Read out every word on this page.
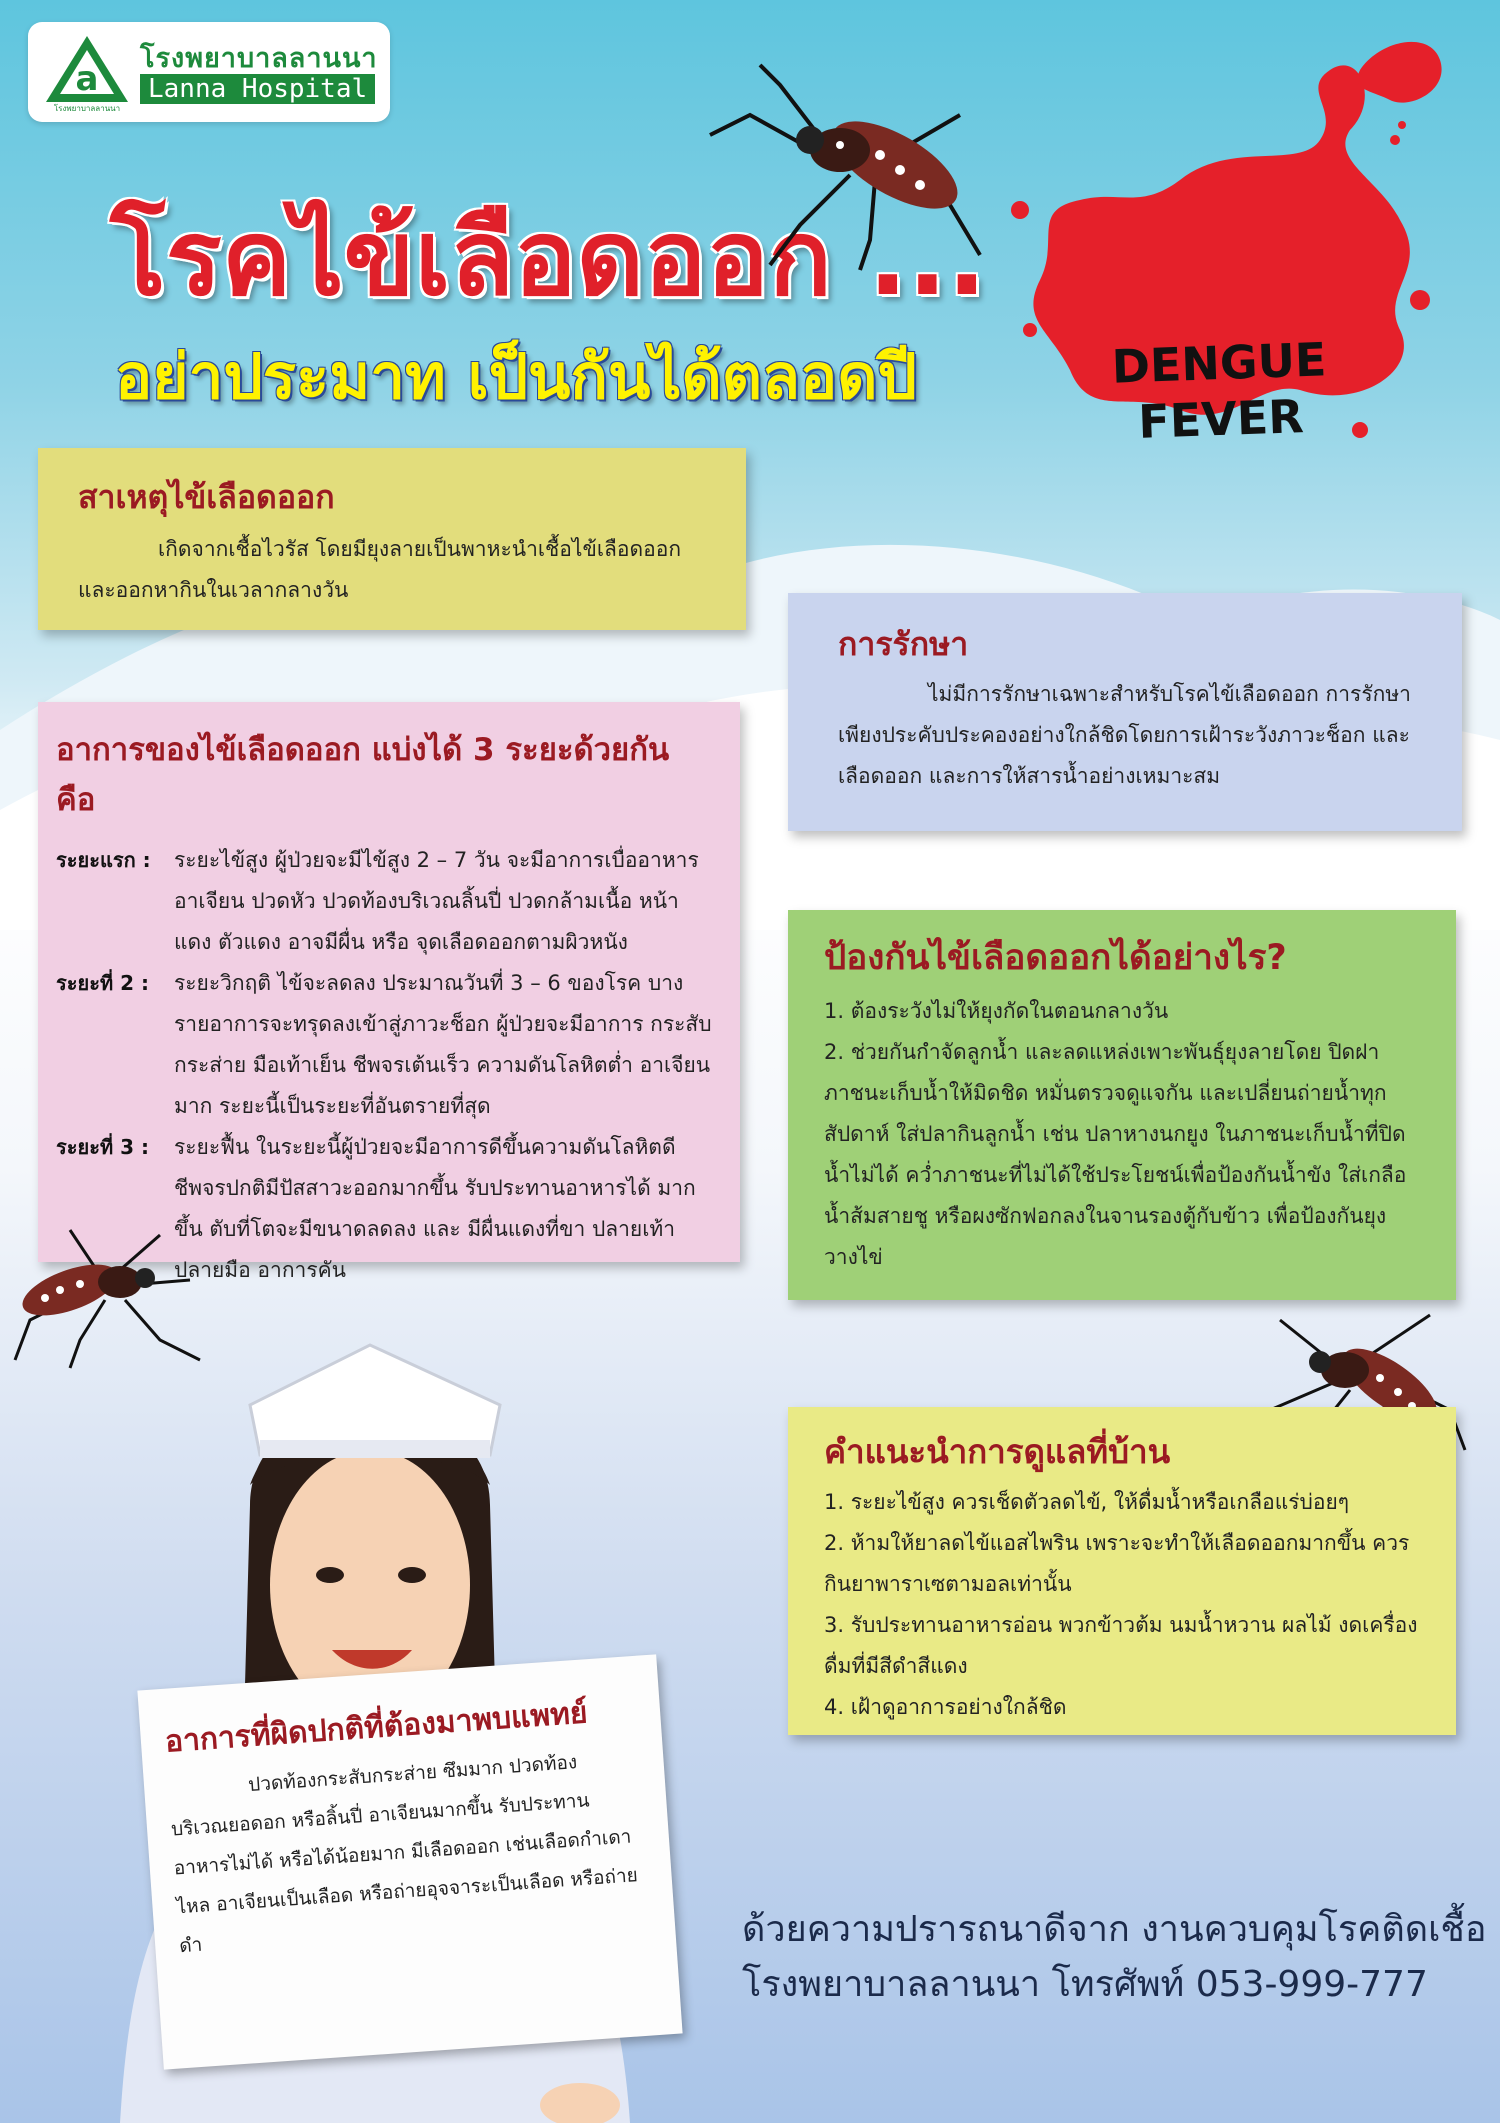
a
โรงพยาบาลลานนา
โรงพยาบาลลานนา
Lanna Hospital
โรคไข้เลือดออก ...
อย่าประมาท เป็นกันได้ตลอดปี	DENGUE
FEVER
สาเหตุไข้เลือดออก

เกิดจากเชื้อไวรัส โดยมียุงลายเป็นพาหะนำเชื้อไข้เลือดออก และออกหากินในเวลากลางวัน

อาการของไข้เลือดออก แบ่งได้ 3 ระยะด้วยกัน คือ
ระยะแรก :	ระยะไข้สูง ผู้ป่วยจะมีไข้สูง 2 – 7 วัน จะมีอาการเบื่ออาหาร อาเจียน ปวดหัว ปวดท้องบริเวณลิ้นปี่ ปวดกล้ามเนื้อ หน้าแดง ตัวแดง อาจมีผื่น หรือ จุดเลือดออกตามผิวหนัง
ระยะที่ 2 :	ระยะวิกฤติ ไข้จะลดลง ประมาณวันที่ 3 – 6 ของโรค บางรายอาการจะทรุดลงเข้าสู่ภาวะช็อก ผู้ป่วยจะมีอาการ กระสับกระส่าย มือเท้าเย็น ชีพจรเต้นเร็ว ความดันโลหิตต่ำ อาเจียนมาก ระยะนี้เป็นระยะที่อันตรายที่สุด
ระยะที่ 3 :	ระยะฟื้น ในระยะนี้ผู้ป่วยจะมีอาการดีขึ้นความดันโลหิตดี ชีพจรปกติมีปัสสาวะออกมากขึ้น รับประทานอาหารได้ มากขึ้น ตับที่โตจะมีขนาดลดลง และ มีผื่นแดงที่ขา ปลายเท้า ปลายมือ อาการคัน
การรักษา

ไม่มีการรักษาเฉพาะสำหรับโรคไข้เลือดออก การรักษาเพียงประคับประคองอย่างใกล้ชิดโดยการเฝ้าระวังภาวะช็อก และเลือดออก และการให้สารน้ำอย่างเหมาะสม

ป้องกันไข้เลือดออกได้อย่างไร?

1. ต้องระวังไม่ให้ยุงกัดในตอนกลางวัน

2. ช่วยกันกำจัดลูกน้ำ และลดแหล่งเพาะพันธุ์ยุงลายโดย ปิดฝาภาชนะเก็บน้ำให้มิดชิด หมั่นตรวจดูแจกัน และเปลี่ยนถ่ายน้ำทุกสัปดาห์ ใส่ปลากินลูกน้ำ เช่น ปลาหางนกยูง ในภาชนะเก็บน้ำที่ปิดน้ำไม่ได้ คว่ำภาชนะที่ไม่ได้ใช้ประโยชน์เพื่อป้องกันน้ำขัง ใส่เกลือ น้ำส้มสายชู หรือผงซักฟอกลงในจานรองตู้กับข้าว เพื่อป้องกันยุงวางไข่

คำแนะนำการดูแลที่บ้าน

1. ระยะไข้สูง ควรเช็ดตัวลดไข้, ให้ดื่มน้ำหรือเกลือแร่บ่อยๆ

2. ห้ามให้ยาลดไข้แอสไพริน เพราะจะทำให้เลือดออกมากขึ้น ควรกินยาพาราเซตามอลเท่านั้น

3. รับประทานอาหารอ่อน พวกข้าวต้ม นมน้ำหวาน ผลไม้ งดเครื่องดื่มที่มีสีดำสีแดง

4. เฝ้าดูอาการอย่างใกล้ชิด

อาการที่ผิดปกติที่ต้องมาพบแพทย์

ปวดท้องกระสับกระส่าย ซึมมาก ปวดท้องบริเวณยอดอก หรือลิ้นปี่ อาเจียนมากขึ้น รับประทานอาหารไม่ได้ หรือได้น้อยมาก มีเลือดออก เช่นเลือดกำเดาไหล อาเจียนเป็นเลือด หรือถ่ายอุจจาระเป็นเลือด หรือถ่ายดำ	ด้วยความปรารถนาดีจาก งานควบคุมโรคติดเชื้อ
โรงพยาบาลลานนา โทรศัพท์ 053-999-777
